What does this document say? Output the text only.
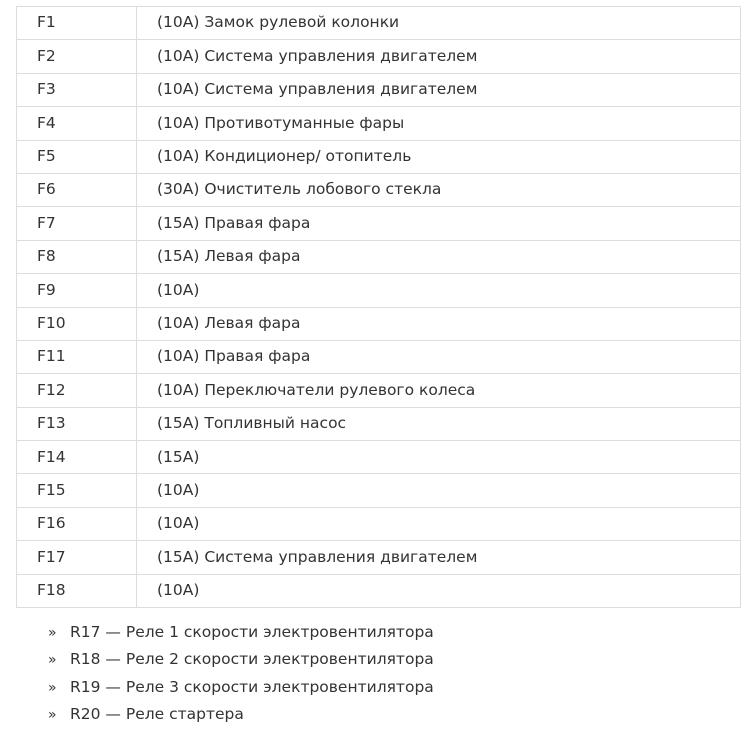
F1	(10A) Замок рулевой колонки
F2	(10A) Система управления двигателем
F3	(10A) Система управления двигателем
F4	(10A) Противотуманные фары
F5	(10A) Кондиционер/ отопитель
F6	(30A) Очиститель лобового стекла
F7	(15A) Правая фара
F8	(15A) Левая фара
F9	(10A)
F10	(10A) Левая фара
F11	(10A) Правая фара
F12	(10A) Переключатели рулевого колеса
F13	(15A) Топливный насос
F14	(15A)
F15	(10A)
F16	(10A)
F17	(15A) Система управления двигателем
F18	(10A)
» R17 — Реле 1 скорости электровентилятора
» R18 — Реле 2 скорости электровентилятора
» R19 — Реле 3 скорости электровентилятора
» R20 — Реле стартера
